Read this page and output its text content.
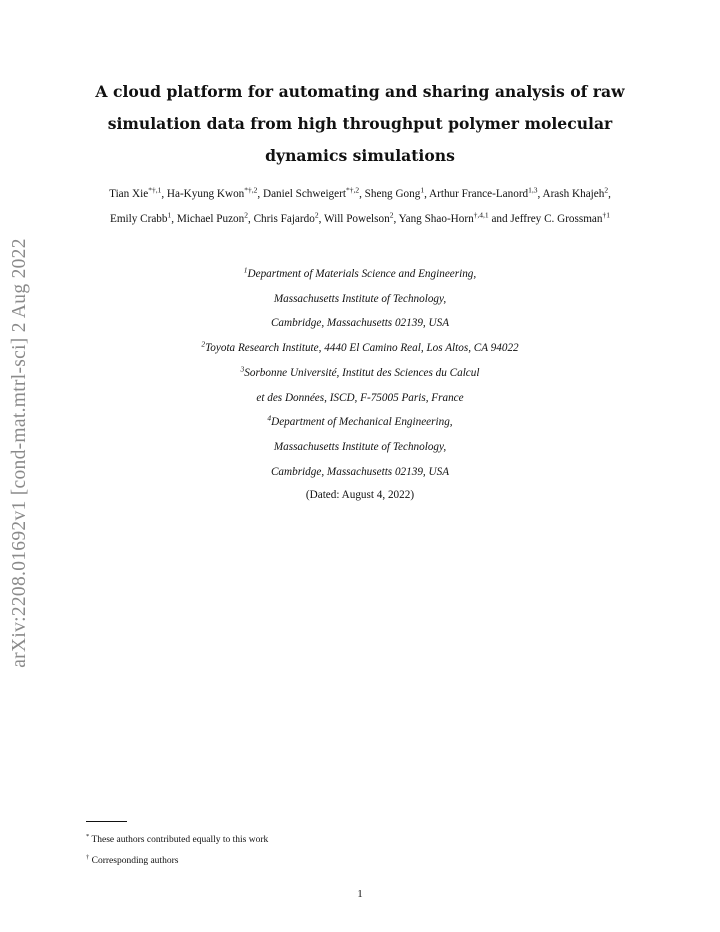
arXiv:2208.01692v1 [cond-mat.mtrl-sci] 2 Aug 2022
A cloud platform for automating and sharing analysis of raw
simulation data from high throughput polymer molecular
dynamics simulations
Tian Xie$^{*\dagger,1}$, Ha-Kyung Kwon$^{*\dagger,2}$, Daniel Schweigert$^{*\dagger,2}$, Sheng Gong$^1$, Arthur France-Lanord$^{1,3}$, Arash Khajeh$^2$, Emily Crabb$^1$, Michael Puzon$^2$, Chris Fajardo$^2$, Will Powelson$^2$, Yang Shao-Horn$^{\dagger,4,1}$ and Jeffrey C. Grossman$^{\dagger 1}$
$^1$Department of Materials Science and Engineering,
Massachusetts Institute of Technology,
Cambridge, Massachusetts 02139, USA
$^2$Toyota Research Institute, 4440 El Camino Real, Los Altos, CA 94022
$^3$Sorbonne Université, Institut des Sciences du Calcul
et des Données, ISCD, F-75005 Paris, France
$^4$Department of Mechanical Engineering,
Massachusetts Institute of Technology,
Cambridge, Massachusetts 02139, USA
(Dated: August 4, 2022)
* These authors contributed equally to this work
† Corresponding authors
1
